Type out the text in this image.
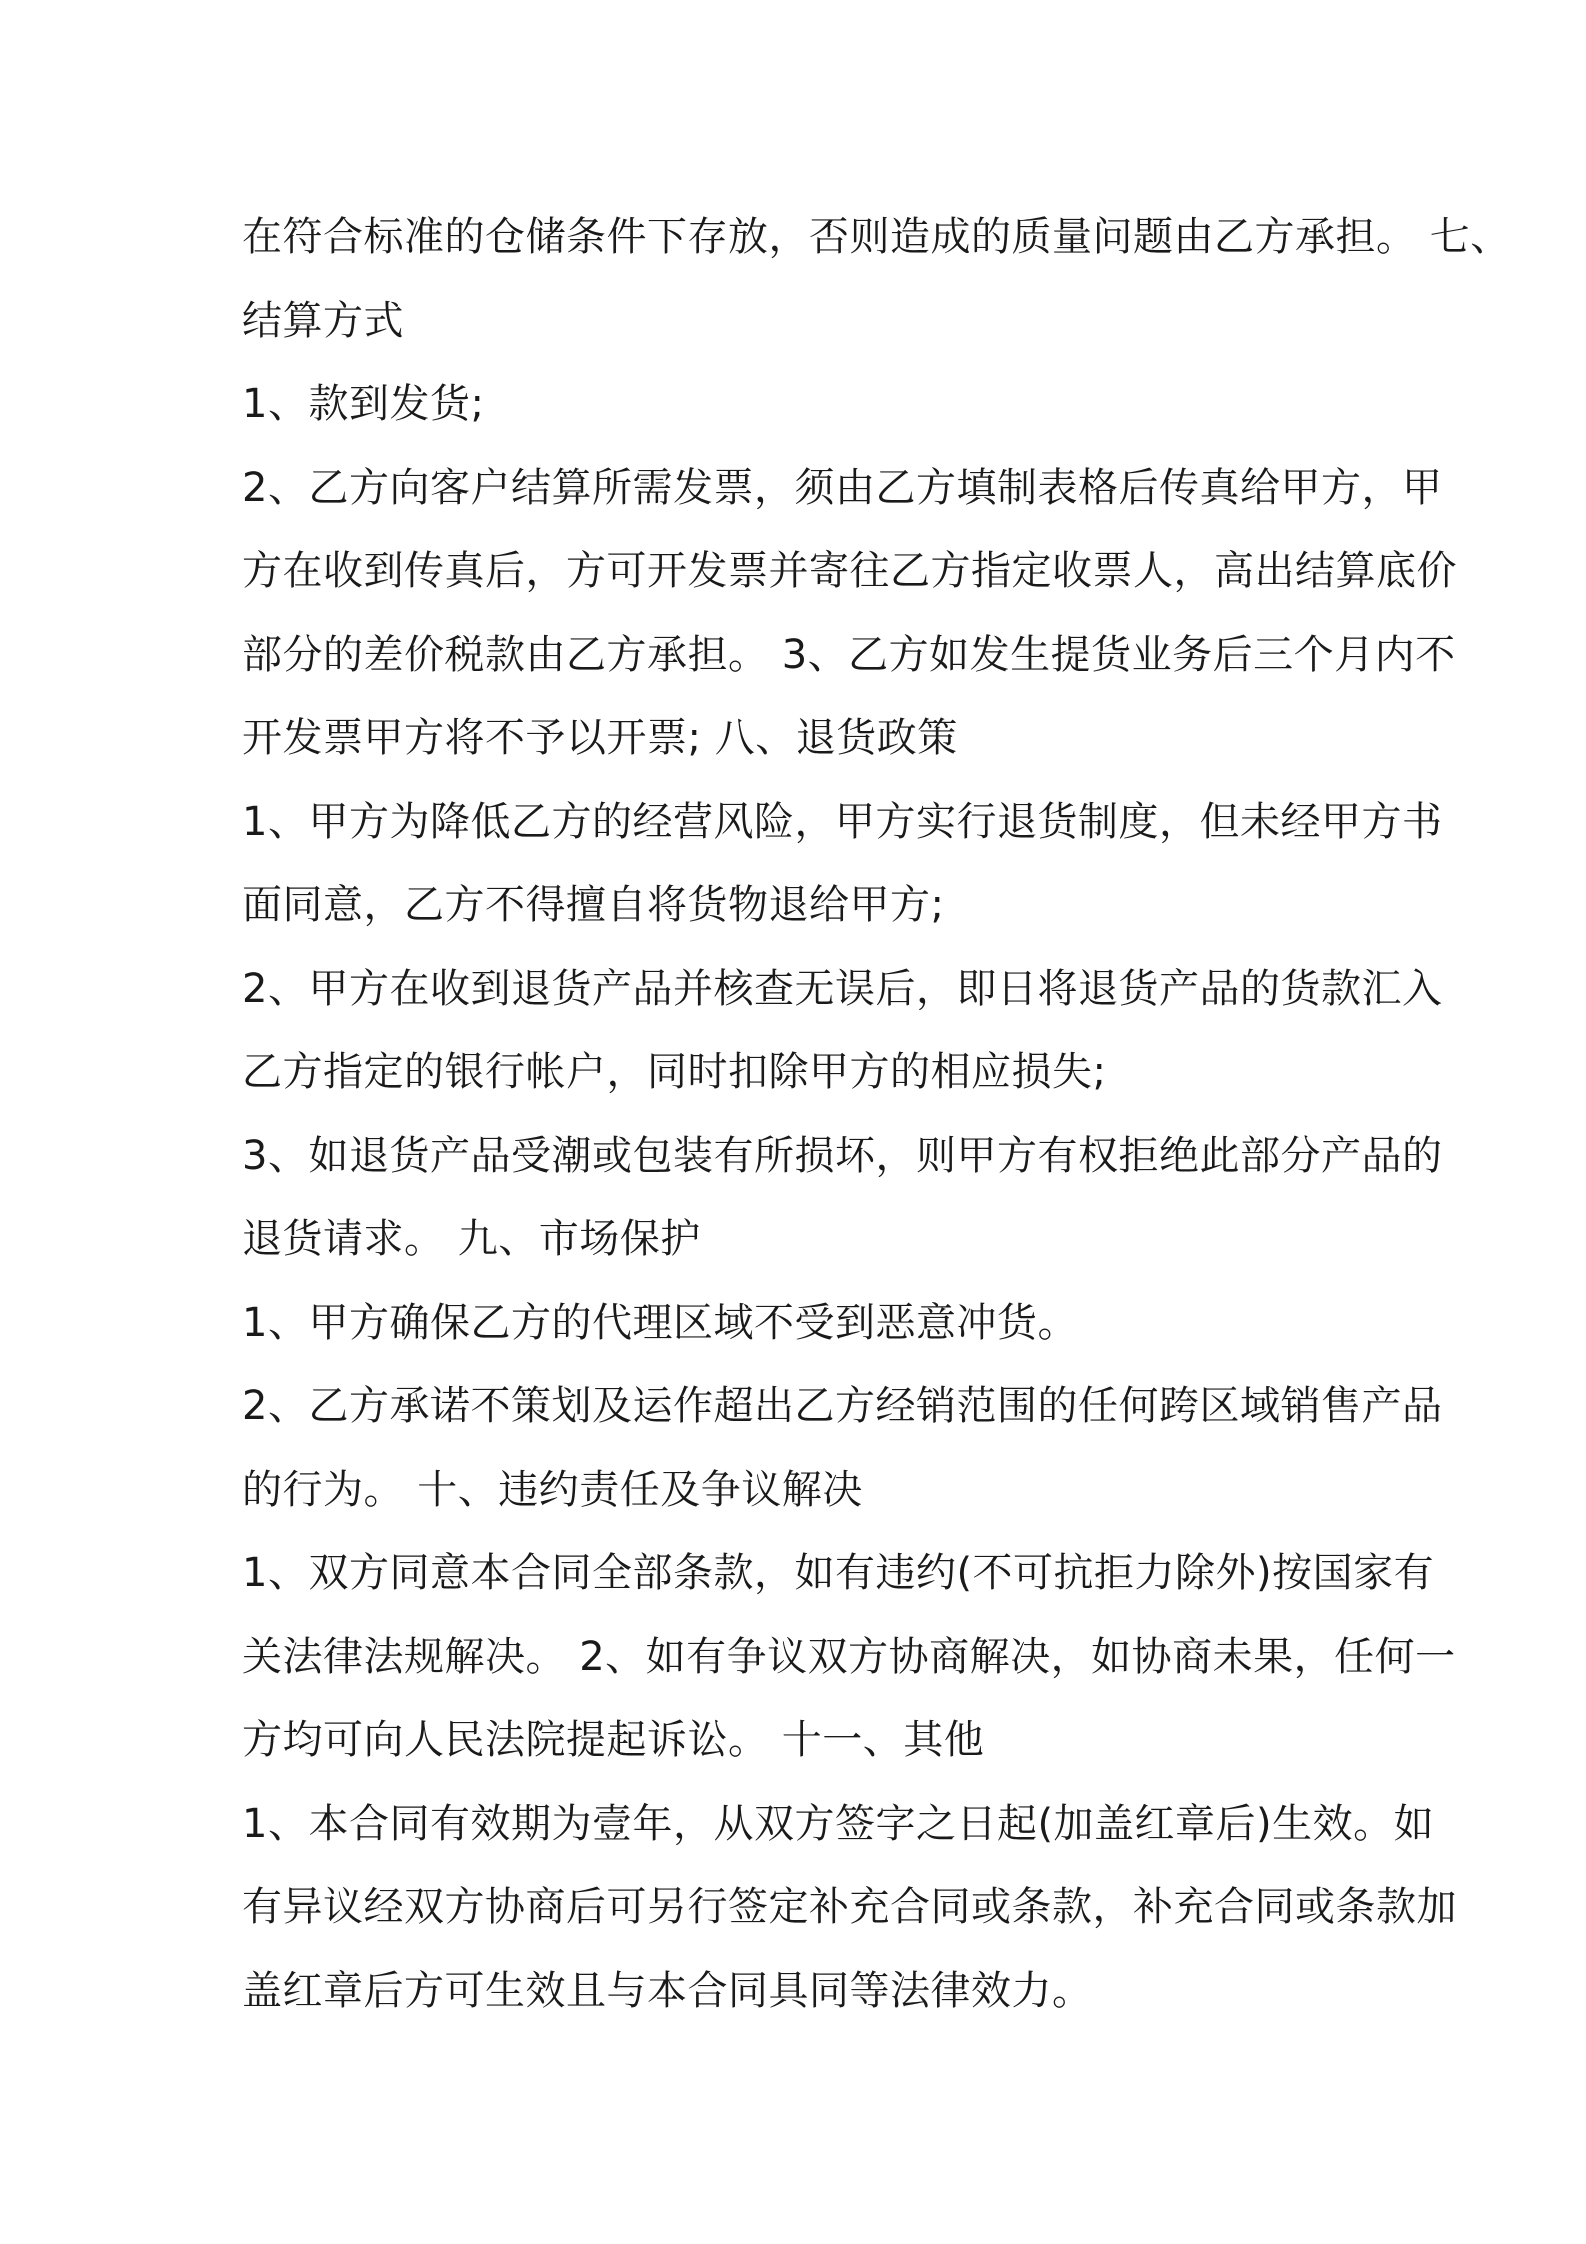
在符合标准的仓储条件下存放，否则造成的质量问题由乙方承担。 七、
结算方式
1、款到发货;
2、乙方向客户结算所需发票，须由乙方填制表格后传真给甲方，甲
方在收到传真后，方可开发票并寄往乙方指定收票人，高出结算底价
部分的差价税款由乙方承担。 3、乙方如发生提货业务后三个月内不
开发票甲方将不予以开票; 八、退货政策
1、甲方为降低乙方的经营风险，甲方实行退货制度，但未经甲方书
面同意，乙方不得擅自将货物退给甲方;
2、甲方在收到退货产品并核查无误后，即日将退货产品的货款汇入
乙方指定的银行帐户，同时扣除甲方的相应损失;
3、如退货产品受潮或包装有所损坏，则甲方有权拒绝此部分产品的
退货请求。 九、市场保护
1、甲方确保乙方的代理区域不受到恶意冲货。
2、乙方承诺不策划及运作超出乙方经销范围的任何跨区域销售产品
的行为。 十、违约责任及争议解决
1、双方同意本合同全部条款，如有违约(不可抗拒力除外)按国家有
关法律法规解决。 2、如有争议双方协商解决，如协商未果，任何一
方均可向人民法院提起诉讼。 十一、其他
1、本合同有效期为壹年，从双方签字之日起(加盖红章后)生效。如
有异议经双方协商后可另行签定补充合同或条款，补充合同或条款加
盖红章后方可生效且与本合同具同等法律效力。
